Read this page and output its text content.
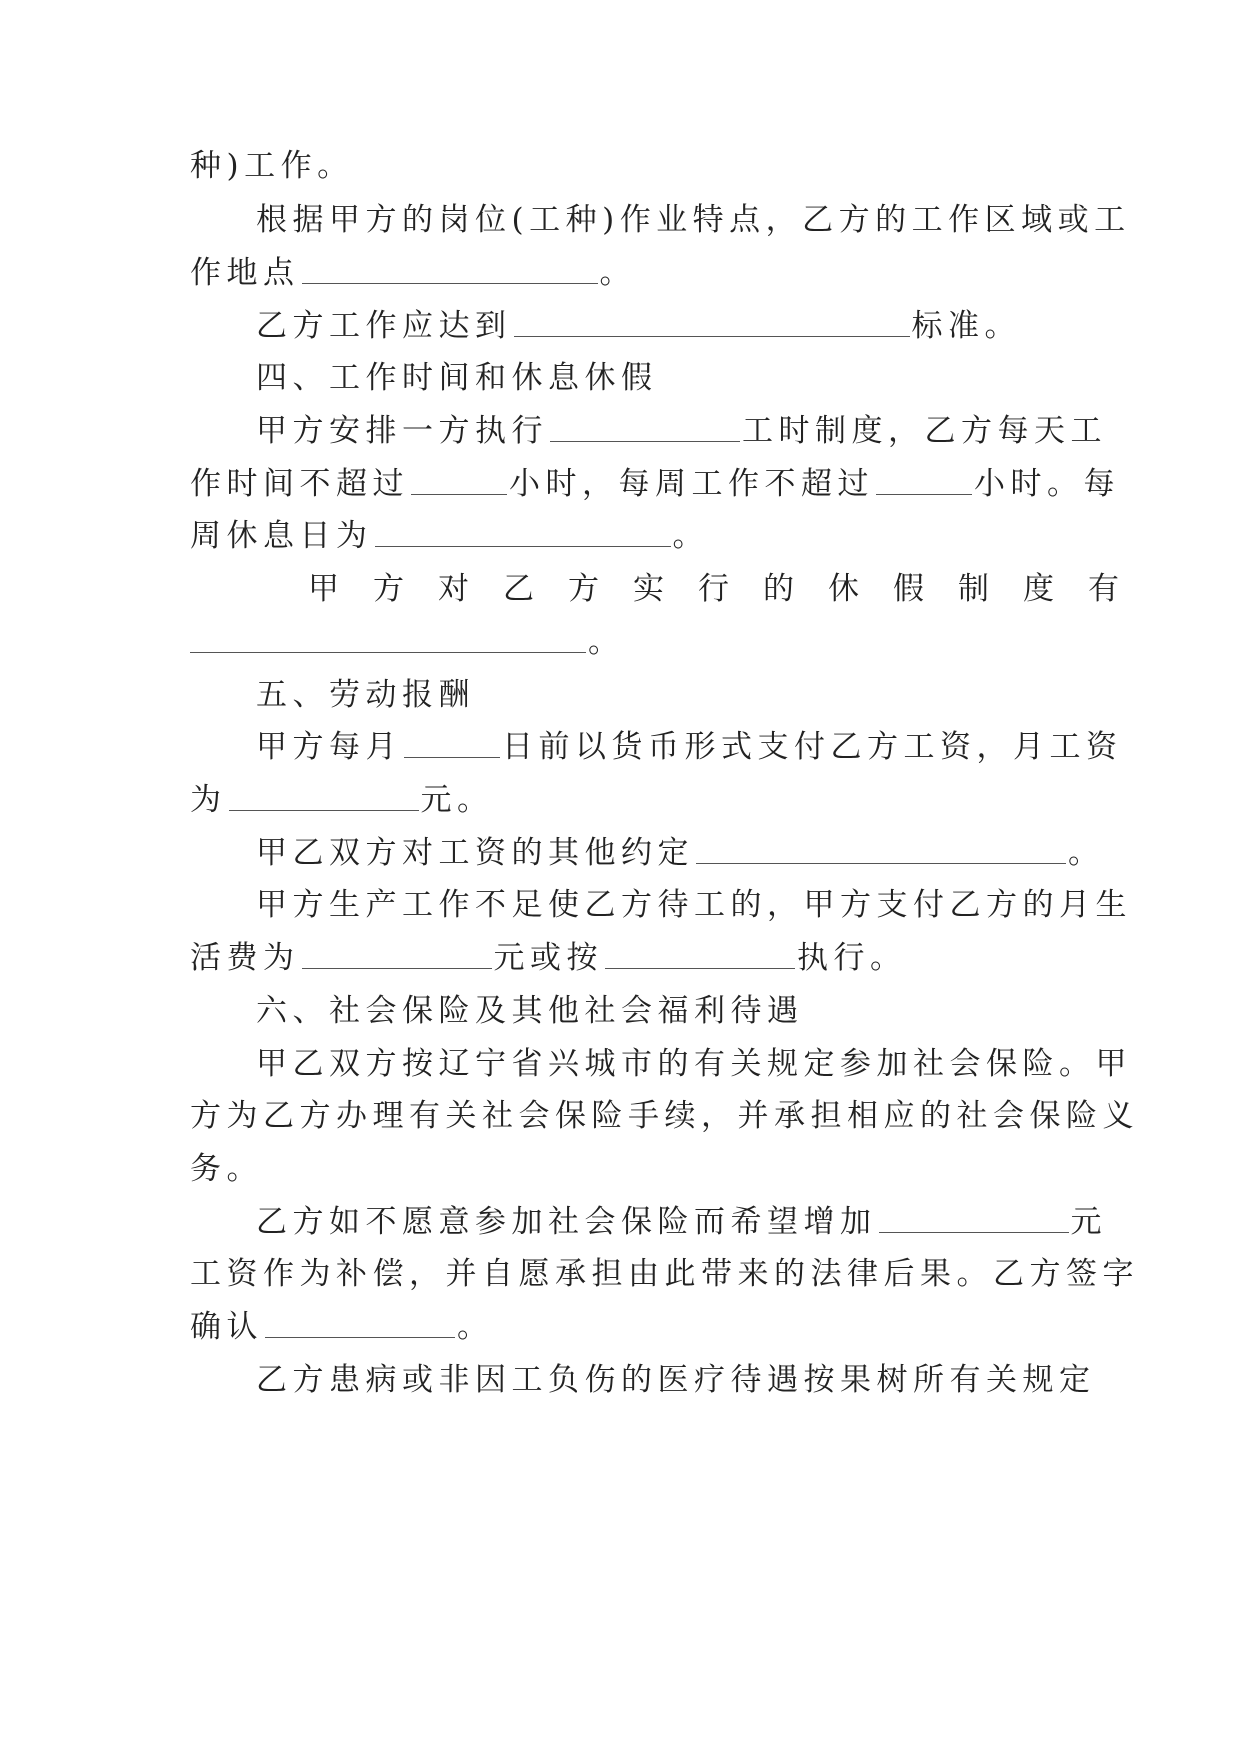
种)工作。
根据甲方的岗位(工种)作业特点，乙方的工作区域或工
作地点	。
乙方工作应达到	标准。
四、工作时间和休息休假
甲方安排一方执行	工时制度，乙方每天工
作时间不超过	小时，每周工作不超过	小时。每
周休息日为	。
甲方对乙方实行的休假制度有
。
五、劳动报酬
甲方每月	日前以货币形式支付乙方工资，月工资
为	元。
甲乙双方对工资的其他约定	。
甲方生产工作不足使乙方待工的，甲方支付乙方的月生
活费为	元或按	执行。
六、社会保险及其他社会福利待遇
甲乙双方按辽宁省兴城市的有关规定参加社会保险。甲
方为乙方办理有关社会保险手续，并承担相应的社会保险义
务。
乙方如不愿意参加社会保险而希望增加	元
工资作为补偿，并自愿承担由此带来的法律后果。乙方签字
确认	。
乙方患病或非因工负伤的医疗待遇按果树所有关规定
